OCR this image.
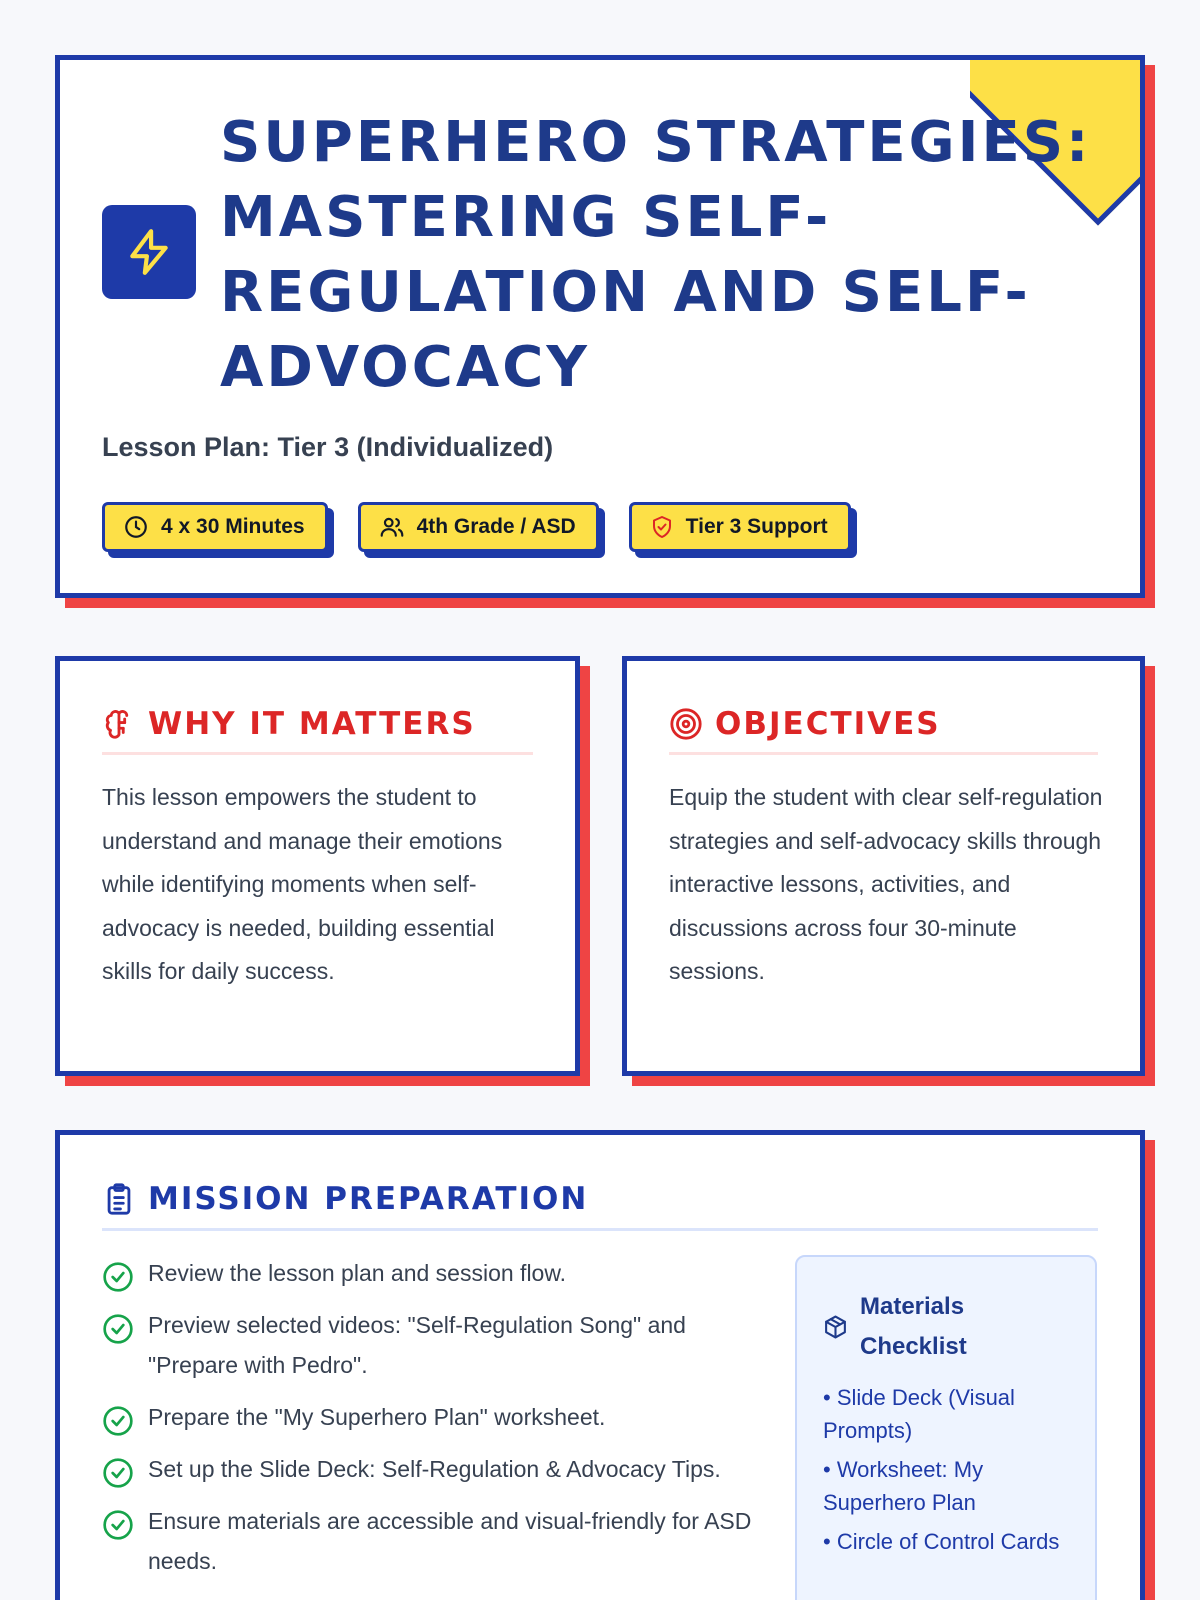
SUPERHERO STRATEGIES: MASTERING SELF-REGULATION AND SELF-ADVOCACY
Lesson Plan: Tier 3 (Individualized)
4 x 30 Minutes	4th Grade / ASD	Tier 3 Support
WHY IT MATTERS

This lesson empowers the student to understand and manage their emotions while identifying moments when self-advocacy is needed, building essential skills for daily success.

OBJECTIVES

Equip the student with clear self-regulation strategies and self-advocacy skills through interactive lessons, activities, and discussions across four 30-minute sessions.

MISSION PREPARATION
Review the lesson plan and session flow.
Preview selected videos: "Self-Regulation Song" and "Prepare with Pedro".
Prepare the "My Superhero Plan" worksheet.
Set up the Slide Deck: Self-Regulation & Advocacy Tips.
Ensure materials are accessible and visual-friendly for ASD needs.
Materials Checklist
• Slide Deck (Visual Prompts)
• Worksheet: My Superhero Plan
• Circle of Control Cards
